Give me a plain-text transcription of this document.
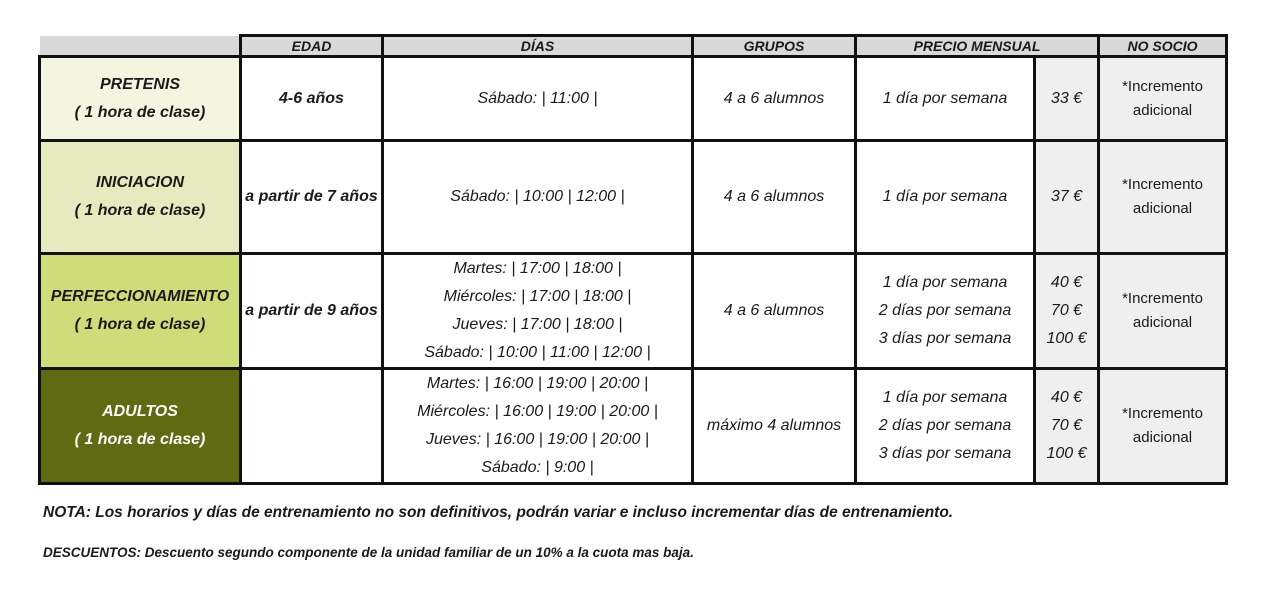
	EDAD	DÍAS	GRUPOS	PRECIO MENSUAL		NO SOCIO

PRETENIS
( 1 hora de clase)	4-6 años	Sábado: | 11:00 |	4 a 6 alumnos	1 día por semana	33 €	*Incremento
adicional

INICIACION
( 1 hora de clase)	a partir de 7 años	Sábado: | 10:00 | 12:00 |	4 a 6 alumnos	1 día por semana	37 €	*Incremento
adicional

PERFECCIONAMIENTO
( 1 hora de clase)	a partir de 9 años	Martes: | 17:00 | 18:00 |
Miércoles: | 17:00 | 18:00 |
Jueves: | 17:00 | 18:00 |
Sábado: | 10:00 | 11:00 | 12:00 |	4 a 6 alumnos	1 día por semana
2 días por semana
3 días por semana	40 €
70 €
100 €	*Incremento
adicional

ADULTOS
( 1 hora de clase)		Martes: | 16:00 | 19:00 | 20:00 |
Miércoles: | 16:00 | 19:00 | 20:00 |
Jueves: | 16:00 | 19:00 | 20:00 |
Sábado: | 9:00 |	máximo 4 alumnos	1 día por semana
2 días por semana
3 días por semana	40 €
70 €
100 €	*Incremento
adicional
NOTA: Los horarios y días de entrenamiento no son definitivos, podrán variar e incluso incrementar días de entrenamiento.
DESCUENTOS: Descuento segundo componente de la unidad familiar de un 10% a la cuota mas baja.
